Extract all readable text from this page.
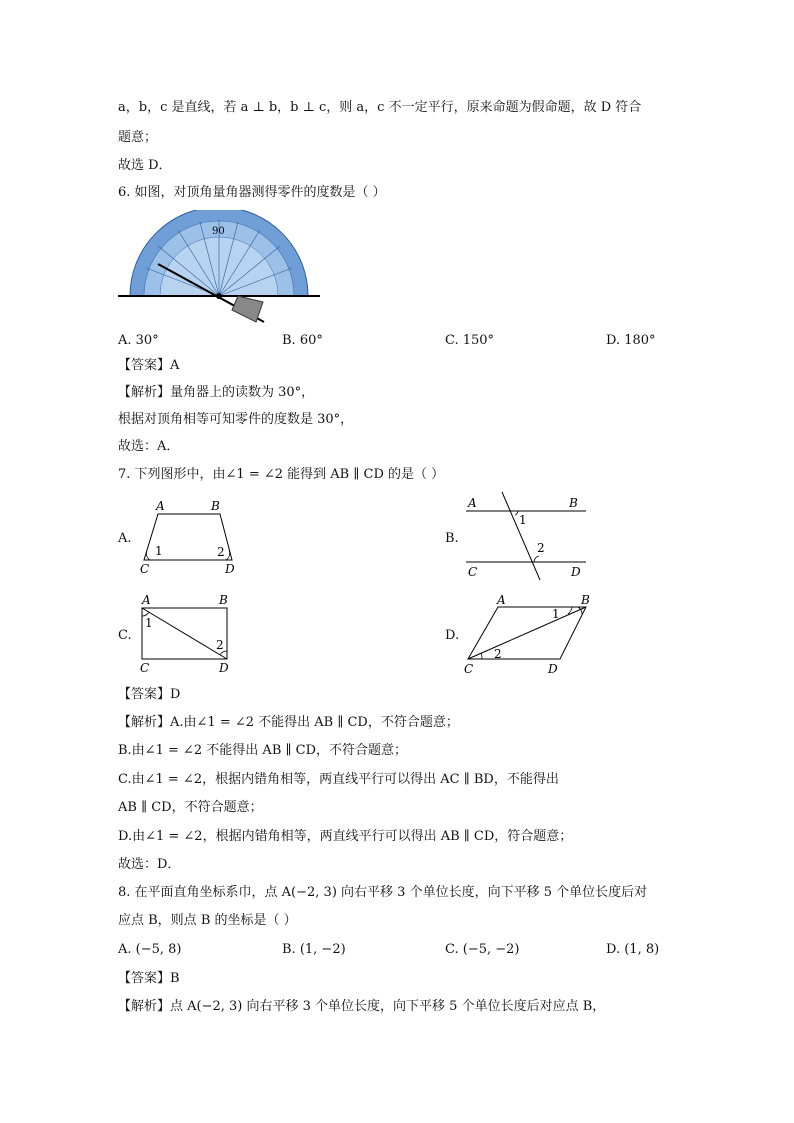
a，b，c 是直线，若 a ⊥ b，b ⊥ c，则 a，c 不一定平行，原来命题为假命题，故 D 符合
题意；
故选 D．
6. 如图，对顶角量角器测得零件的度数是（ ）
90
A. 30°	B. 60°	C. 150°	D. 180°
【答案】A
【解析】量角器上的读数为 30°，
根据对顶角相等可知零件的度数是 30°，
故选：A．
7. 下列图形中，由∠1 = ∠2 能得到 AB ∥ CD 的是（ ）
A.
A	B
C	D
1	2
B.
A	B
C	D
1
2
C.
A	B
C	D
1
2
D.
A	B
C	D
1
2
【答案】D
【解析】A.由∠1 = ∠2 不能得出 AB ∥ CD，不符合题意；
B.由∠1 = ∠2 不能得出 AB ∥ CD，不符合题意；
C.由∠1 = ∠2，根据内错角相等，两直线平行可以得出 AC ∥ BD，不能得出
AB ∥ CD，不符合题意；
D.由∠1 = ∠2，根据内错角相等，两直线平行可以得出 AB ∥ CD，符合题意；
故选：D．
8. 在平面直角坐标系巾，点 A(−2, 3) 向右平移 3 个单位长度，向下平移 5 个单位长度后对
应点 B，则点 B 的坐标是（ ）
A. (−5, 8)	B. (1, −2)	C. (−5, −2)	D. (1, 8)
【答案】B
【解析】点 A(−2, 3) 向右平移 3 个单位长度，向下平移 5 个单位长度后对应点 B，
